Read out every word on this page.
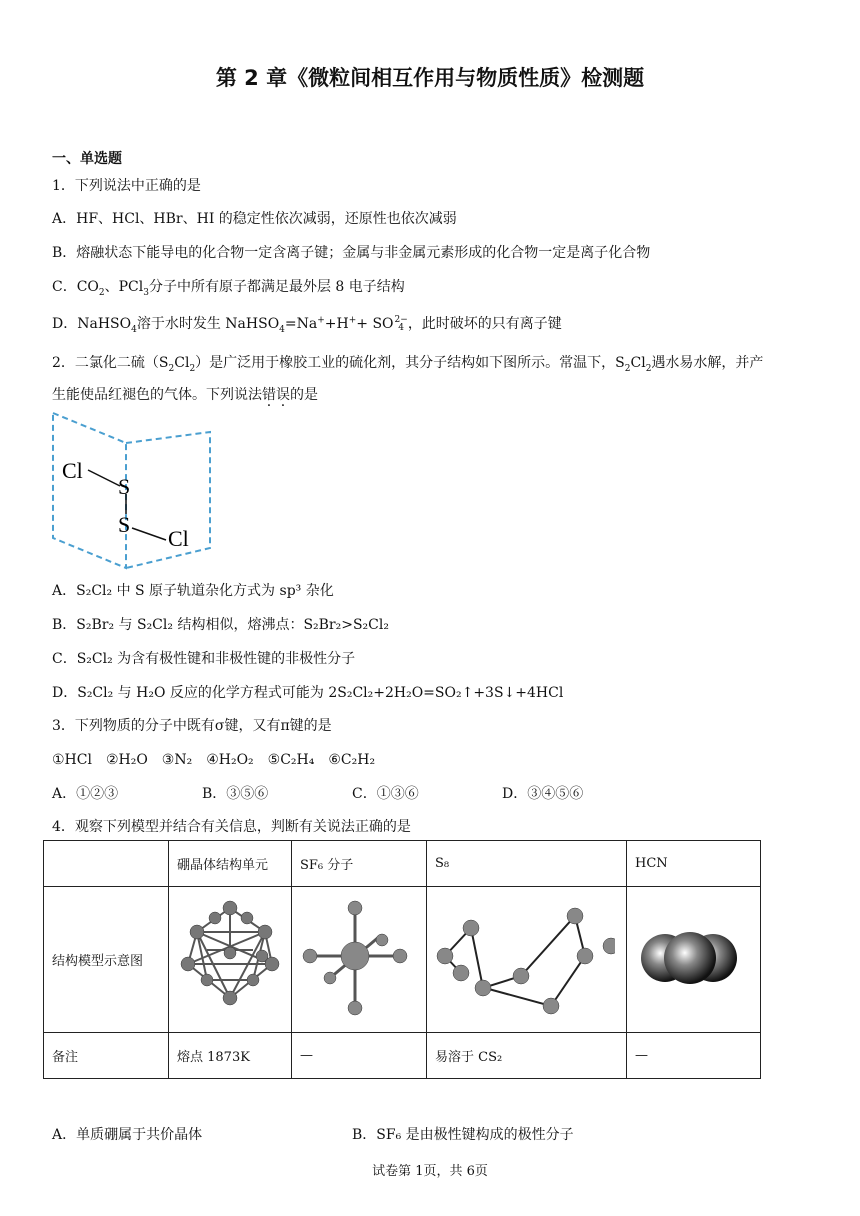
第 2 章《微粒间相互作用与物质性质》检测题
一、单选题
1．下列说法中正确的是
A．HF、HCl、HBr、HI 的稳定性依次减弱，还原性也依次减弱
B．熔融状态下能导电的化合物一定含离子键；金属与非金属元素形成的化合物一定是离子化合物
C．$CO_2$、PCl$_3$分子中所有原子都满足最外层 8 电子结构
D．NaHSO$_4$溶于水时发生 NaHSO$_4$=Na++H++ SO2−
4 ，此时破坏的只有离子键
2．二氯化二硫$(S_2Cl_2)$是广泛用于橡胶工业的硫化剂，其分子结构如下图所示。常温下，$S_2Cl_2$遇水易水解，并产
生能使品红褪色的气体。下列说法错误的是
Cl
S
S
Cl
A．S₂Cl₂ 中 S 原子轨道杂化方式为 sp³ 杂化
B．S₂Br₂ 与 S₂Cl₂ 结构相似，熔沸点：S₂Br₂>S₂Cl₂
C．S₂Cl₂ 为含有极性键和非极性键的非极性分子
D．S₂Cl₂ 与 H₂O 反应的化学方程式可能为 2S₂Cl₂+2H₂O=SO₂↑+3S↓+4HCl
3．下列物质的分子中既有σ键，又有π键的是
①HCl　②H₂O　③N₂　④H₂O₂　⑤C₂H₄　⑥C₂H₂
A．①②③	B．③⑤⑥	C．①③⑥	D．③④⑤⑥
4．观察下列模型并结合有关信息，判断有关说法正确的是
	硼晶体结构单元	SF₆ 分子	S₈	HCN
结构模型示意图				
备注	熔点 1873K	—	易溶于 CS₂	—
A．单质硼属于共价晶体	B．SF₆ 是由极性键构成的极性分子
试卷第 1页，共 6页
